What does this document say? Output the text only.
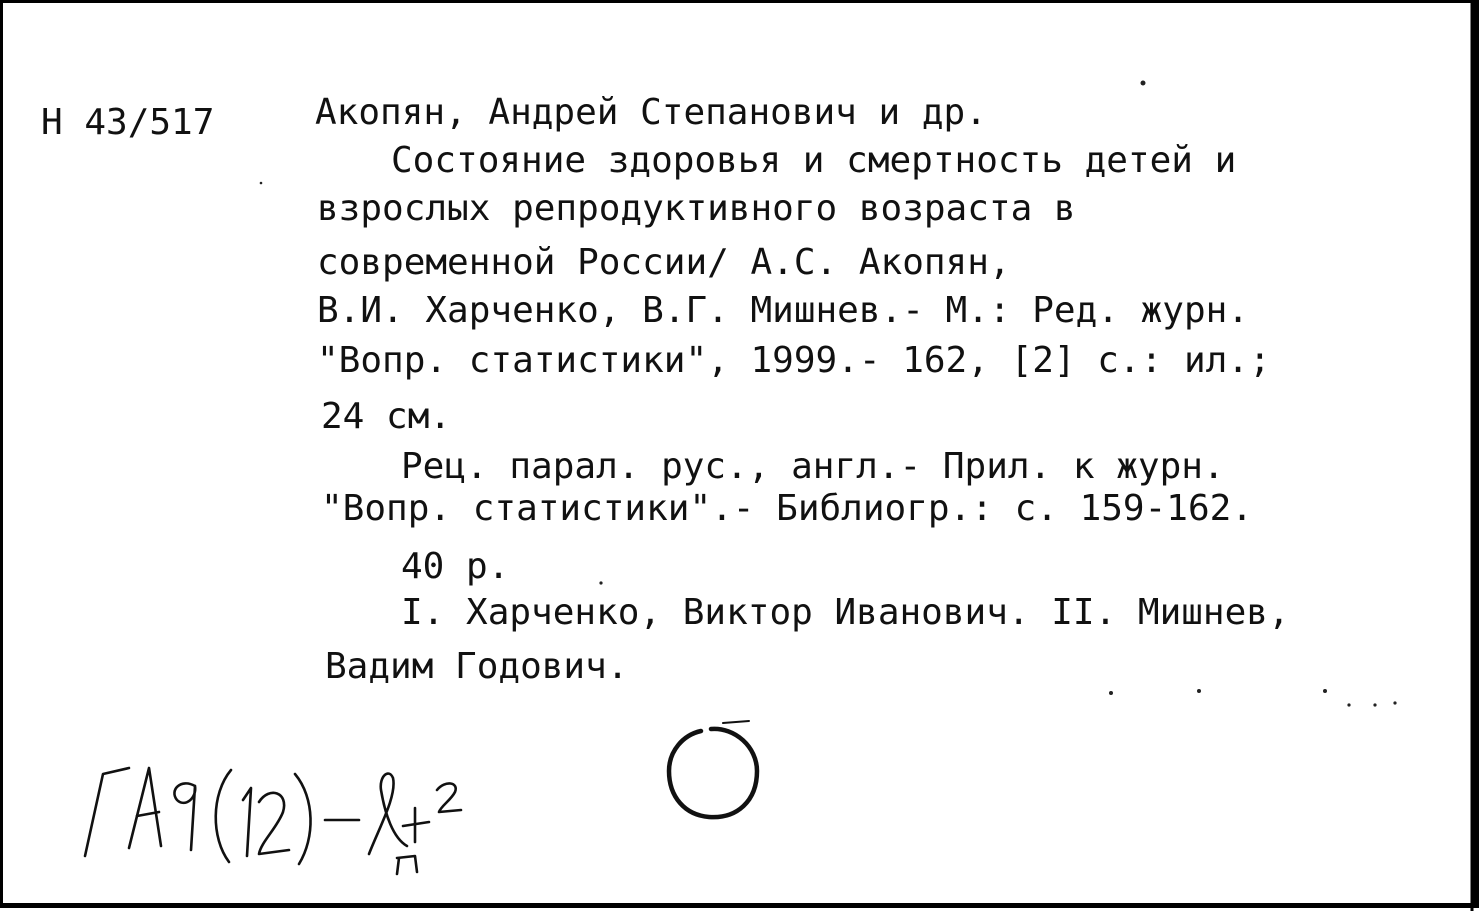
Н 43/517	Акопян, Андрей Степанович и др.
Состояние здоровья и смертность детей и
взрослых репродуктивного возраста в
современной России/ А.С. Акопян,
В.И. Харченко, В.Г. Мишнев.- М.: Ред. журн.
"Вопр. статистики", 1999.- 162, [2] с.: ил.;
24 см.
Рец. парал. рус., англ.- Прил. к журн.
"Вопр. статистики".- Библиогр.: с. 159-162.
40 р.
I. Харченко, Виктор Иванович. II. Мишнев,
Вадим Годович.
